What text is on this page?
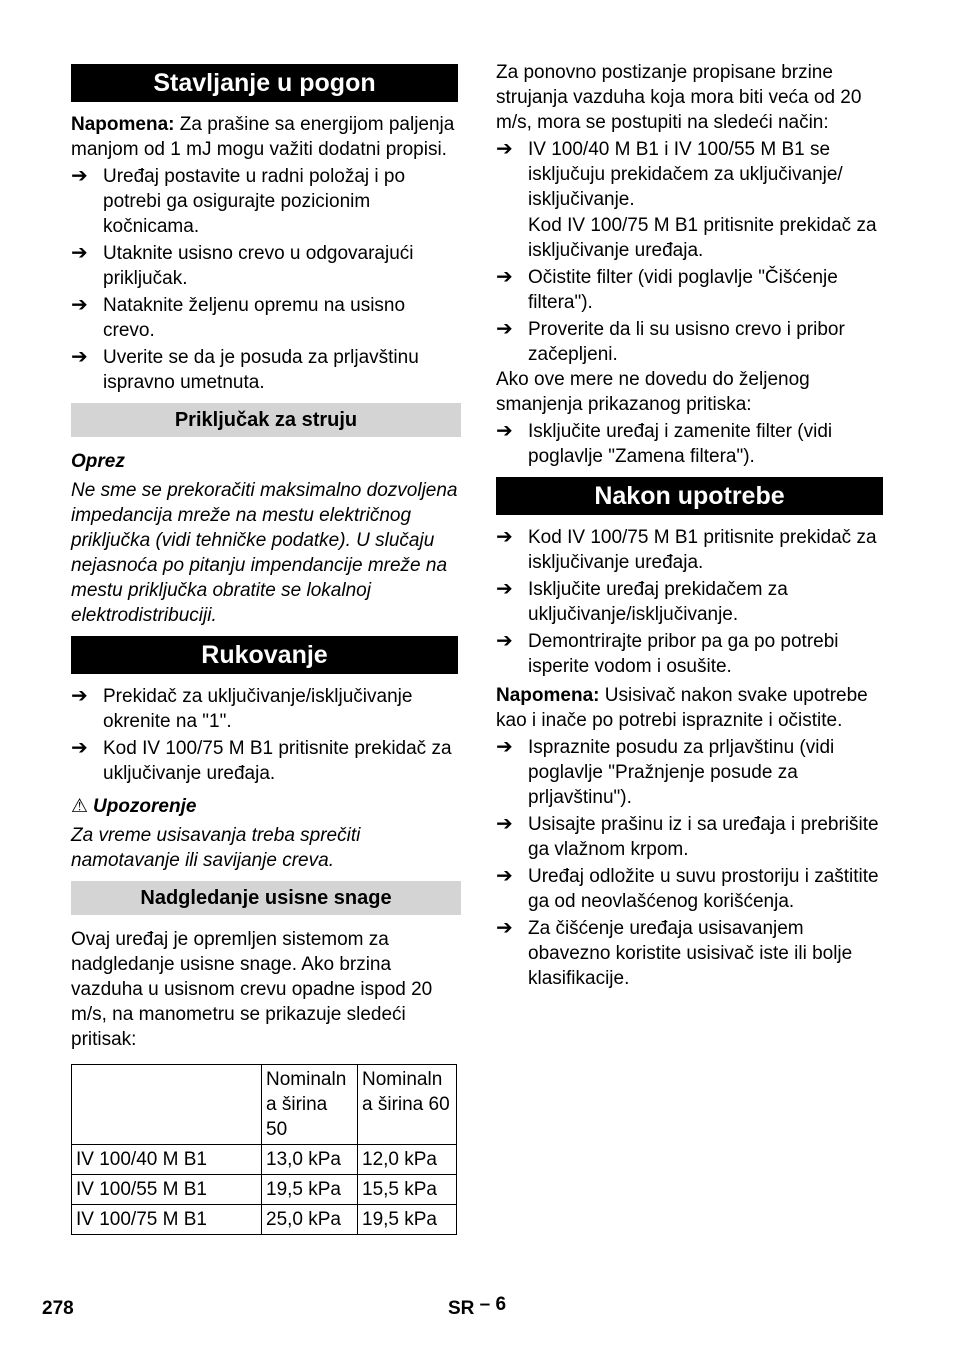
Stavljanje u pogon

Napomena: Za prašine sa energijom paljenja manjom od 1 mJ mogu važiti dodatni propisi.

➔ Uređaj postavite u radni položaj i po potrebi ga osigurajte pozicionim kočnicama.
➔ Utaknite usisno crevo u odgovarajući priključak.
➔ Nataknite željenu opremu na usisno crevo.
➔ Uverite se da je posuda za prljavštinu ispravno umetnuta.
Priključak za struju

Oprez

Ne sme se prekoračiti maksimalno dozvoljena impedancija mreže na mestu električnog priključka (vidi tehničke podatke). U slučaju nejasnoća po pitanju impendancije mreže na mestu priključka obratite se lokalnoj elektrodistribuciji.

Rukovanje
➔ Prekidač za uključivanje/isključivanje okrenite na "1".
➔ Kod IV 100/75 M B1 pritisnite prekidač za uključivanje uređaja.

⚠ Upozorenje

Za vreme usisavanja treba sprečiti namotavanje ili savijanje creva.

Nadgledanje usisne snage

Ovaj uređaj je opremljen sistemom za nadgledanje usisne snage. Ako brzina vazduha u usisnom crevu opadne ispod 20 m/s, na manometru se prikazuje sledeći pritisak:

	Nominaln a širina 50	Nominaln a širina 60
IV 100/40 M B1	13,0 kPa	12,0 kPa
IV 100/55 M B1	19,5 kPa	15,5 kPa
IV 100/75 M B1	25,0 kPa	19,5 kPa

Za ponovno postizanje propisane brzine strujanja vazduha koja mora biti veća od 20 m/s, mora se postupiti na sledeći način:

➔ IV 100/40 M B1 i IV 100/55 M B1 se isključuju prekidačem za uključivanje/ isključivanje.

Kod IV 100/75 M B1 pritisnite prekidač za isključivanje uređaja.

➔ Očistite filter (vidi poglavlje "Čišćenje filtera").
➔ Proverite da li su usisno crevo i pribor začepljeni.

Ako ove mere ne dovedu do željenog smanjenja prikazanog pritiska:

➔ Isključite uređaj i zamenite filter (vidi poglavlje "Zamena filtera").
Nakon upotrebe
➔ Kod IV 100/75 M B1 pritisnite prekidač za isključivanje uređaja.
➔ Isključite uređaj prekidačem za uključivanje/isključivanje.
➔ Demontrirajte pribor pa ga po potrebi isperite vodom i osušite.

Napomena: Usisivač nakon svake upotrebe kao i inače po potrebi ispraznite i očistite.

➔ Ispraznite posudu za prljavštinu (vidi poglavlje "Pražnjenje posude za prljavštinu").
➔ Usisajte prašinu iz i sa uređaja i prebrišite ga vlažnom krpom.
➔ Uređaj odložite u suvu prostoriju i zaštitite ga od neovlašćenog korišćenja.
➔ Za čišćenje uređaja usisavanjem obavezno koristite usisivač iste ili bolje klasifikacije.
278	SR – 6
